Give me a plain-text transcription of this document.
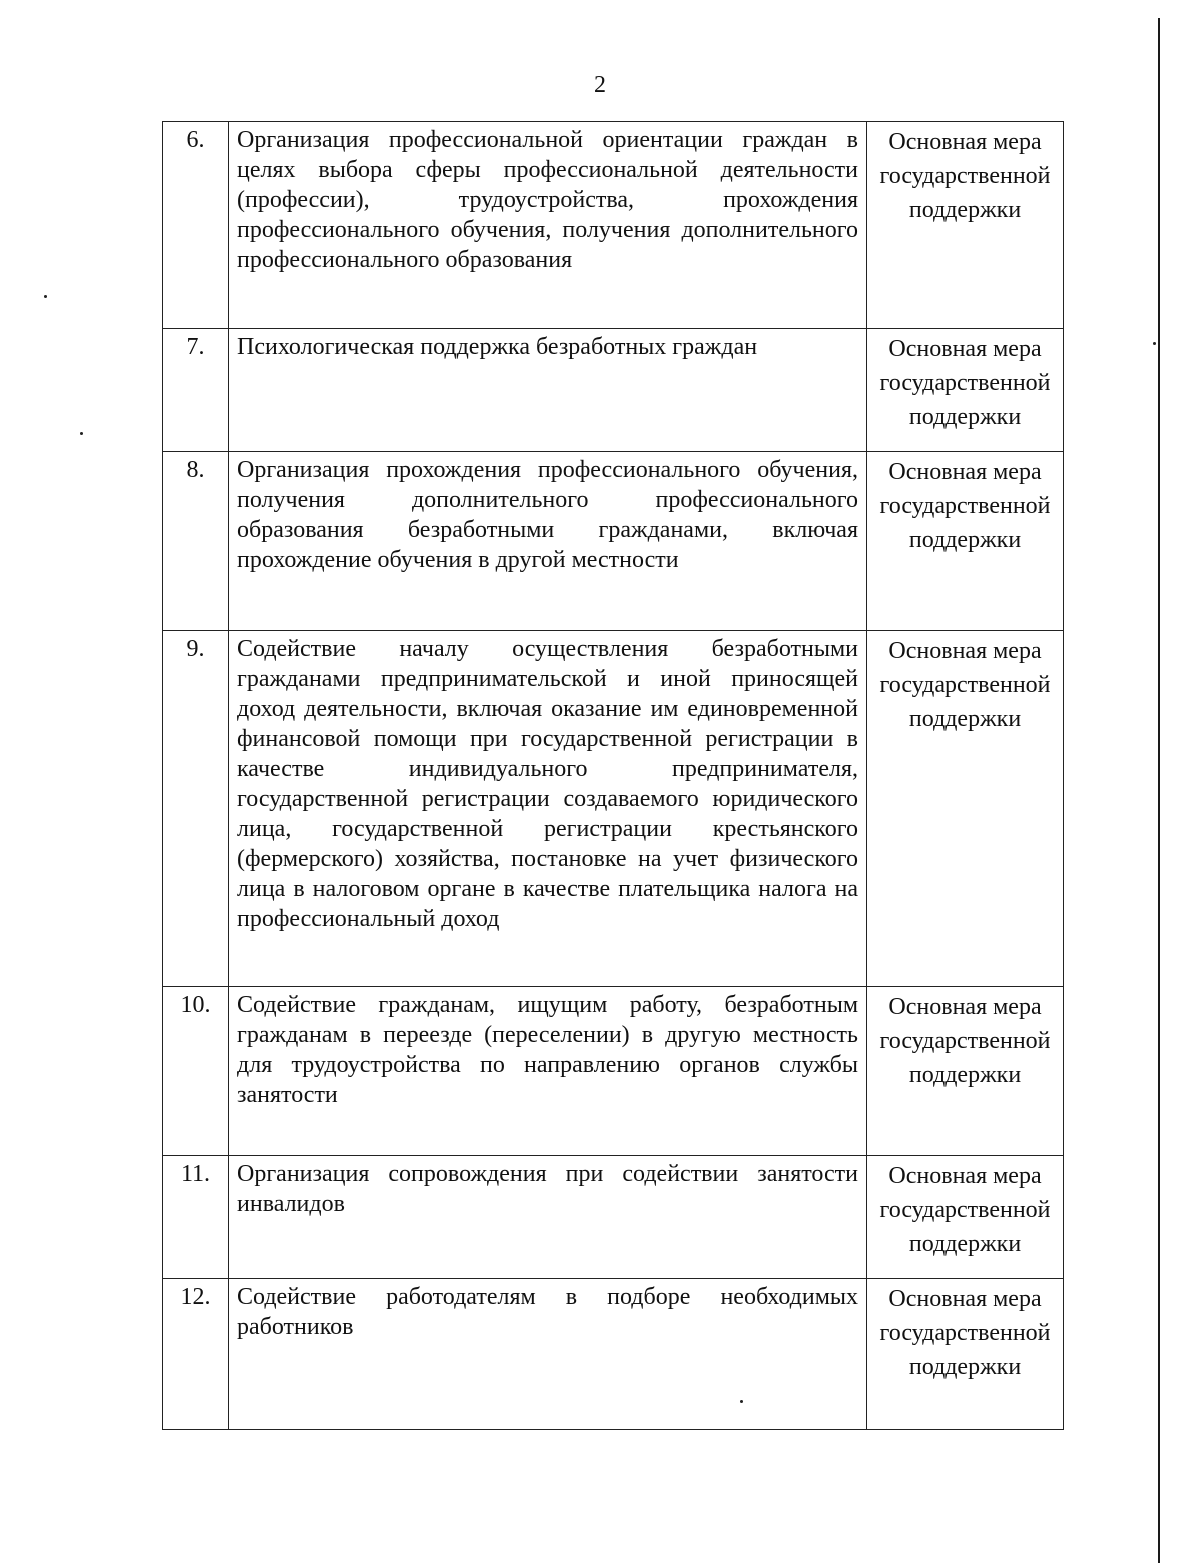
2
6.	Организация профессиональной ориентации граждан в целях выбора сферы профессиональной деятельности (профессии), трудоустройства, прохождения профессионального обучения, получения дополнительного профессионального образования	Основная мера государственной поддержки
7.	Психологическая поддержка безработных граждан	Основная мера государственной поддержки
8.	Организация прохождения профессионального обучения, получения дополнительного профессионального образования безработными гражданами, включая прохождение обучения в другой местности	Основная мера государственной поддержки
9.	Содействие началу осуществления безработными гражданами предпринимательской и иной приносящей доход деятельности, включая оказание им единовременной финансовой помощи при государственной регистрации в качестве индивидуального предпринимателя, государственной регистрации создаваемого юридического лица, государственной регистрации крестьянского (фермерского) хозяйства, постановке на учет физического лица в налоговом органе в качестве плательщика налога на профессиональный доход	Основная мера государственной поддержки
10.	Содействие гражданам, ищущим работу, безработным гражданам в переезде (переселении) в другую местность для трудоустройства по направлению органов службы занятости	Основная мера государственной поддержки
11.	Организация сопровождения при содействии занятости инвалидов	Основная мера государственной поддержки
12.	Содействие работодателям в подборе необходимых работников	Основная мера государственной поддержки
